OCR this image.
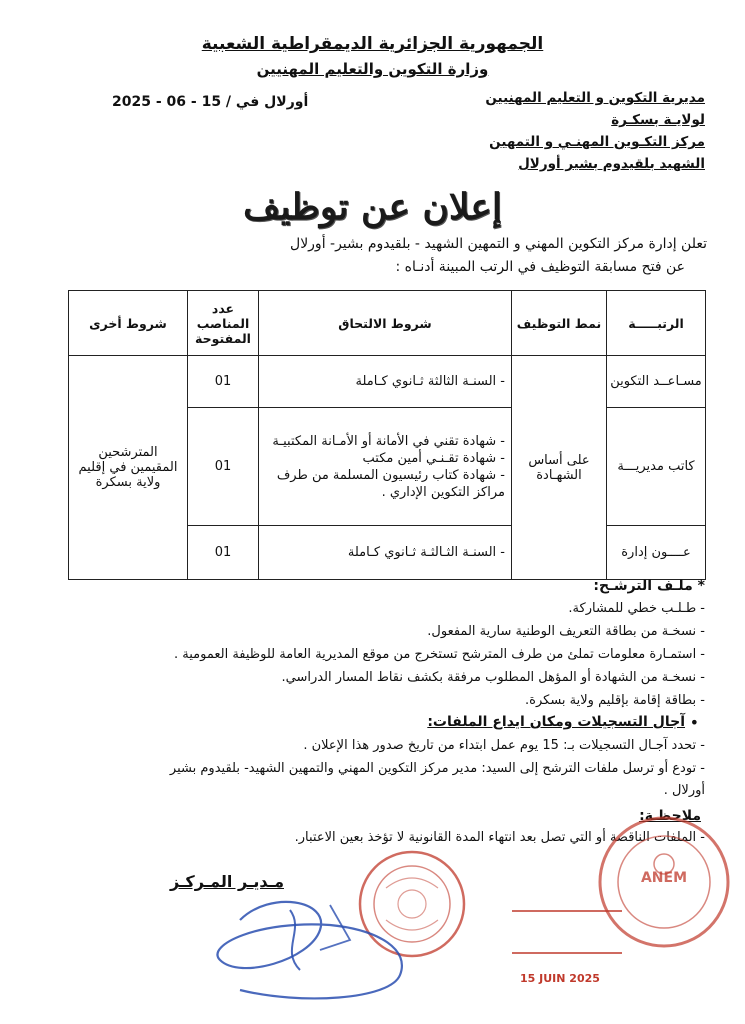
الجمهورية الجزائرية الديمقراطية الشعبية
وزارة التكوين والتعليم المهنيين
مديرية التكوين و التعليم المهنيين
لولايـة بسكـرة
مركز التكـوين المهنـي و التمهين
الشهيد بلقيدوم بشير أورلال
أورلال في / 15 - 06 - 2025
إعلان عن توظيف
تعلن إدارة مركز التكوين المهني و التمهين الشهيد - بلقيدوم بشير- أورلال
عن فتح مسابقة التوظيف في الرتب المبينة أدنـاه :
الرتبـــــة	نمط التوظيف	شروط الالتحاق	عدد المناصب المفتوحة	شروط أخرى
مسـاعــد التكوين	على أساس الشهـادة	- السنـة الثالثة ثـانوي كـاملة	01	المترشحين المقيمين في إقليم ولاية بسكرة
كاتب مديريـــة		- شهادة تقني في الأمانة أو الأمـانة المكتبيـة
- شهادة تقـنـي أمين مكتب
- شهادة كتاب رئيسيون المسلمة من طرف مراكز التكوين الإداري .	01	
عــــون إدارة		- السنـة الثـالثـة ثـانوي كـاملة	01	
* ملـف الترشـح:
- طـلـب خطي للمشاركة.
- نسخـة من بطاقة التعريف الوطنية سارية المفعول.
- استمـارة معلومات تملئ من طرف المترشح تستخرج من موقع المديرية العامة للوظيفة العمومية .
- نسخـة من الشهادة أو المؤهل المطلوب مرفقة بكشف نقاط المسار الدراسي.
- بطاقة إقامة بإقليم ولاية بسكرة.
•
آجال التسجيلات ومكان ايداع الملفات:
- تحدد آجـال التسجيلات بـ: 15 يوم عمل ابتداء من تاريخ صدور هذا الإعلان .
- تودع أو ترسل ملفات الترشح إلى السيد: مدير مركز التكوين المهني والتمهين الشهيد- بلقيدوم بشير
أورلال .
ملاحظـة:
- الملفات الناقصة أو التي تصل بعد انتهاء المدة القانونية لا تؤخذ بعين الاعتبار.
مـديـر المـركـز	ANEM
15 JUIN 2025
